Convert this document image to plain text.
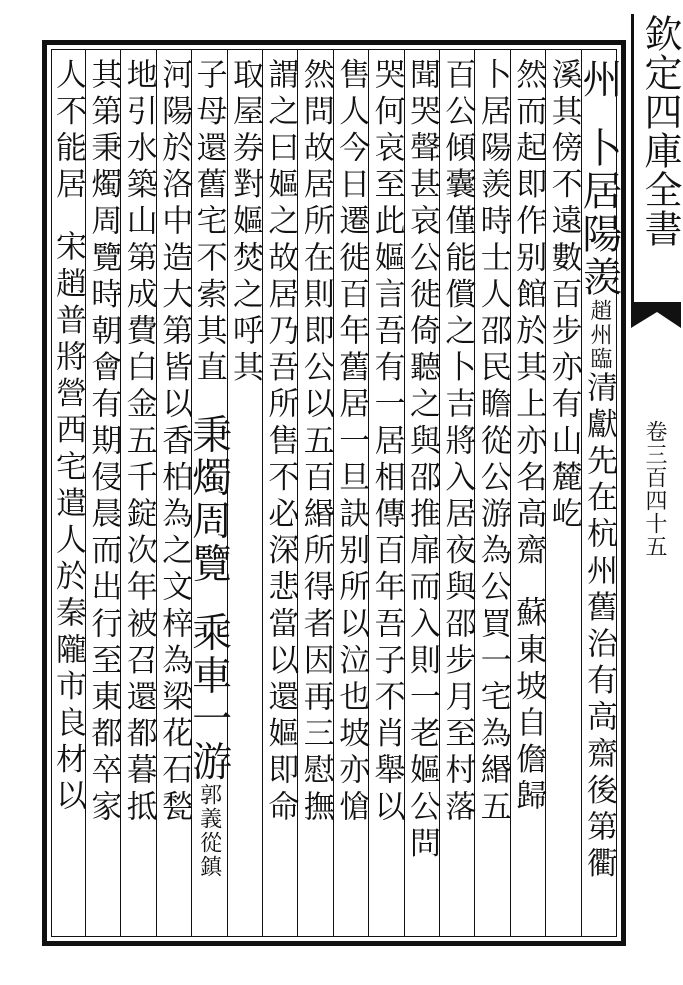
欽定四庫全書
卷三百四十五
州卜居陽羨趙州臨清獻先在杭州舊治有高齋後第衢
溪其傍不遠數百步亦有山麓屹
然而起即作别館於其上亦名高齋蘇東坡自儋歸
卜居陽羨時士人邵民瞻從公游為公買一宅為緡五
百公傾囊僅能償之卜吉將入居夜與邵步月至村落
聞哭聲甚哀公徙倚聽之與邵推扉而入則一老嫗公問
哭何哀至此嫗言吾有一居相傳百年吾子不肖舉以
售人今日遷徙百年舊居一旦訣别所以泣也坡亦愴
然問故居所在則即公以五百緡所得者因再三慰撫
謂之曰嫗之故居乃吾所售不必深悲當以還嫗即命
取屋券對嫗焚之呼其
子母還舊宅不索其直秉燭周覽乘車一游郭義從鎮
河陽於洛中造大第皆以香柏為之文梓為梁花石甃
地引水築山第成費白金五千錠次年被召還都暮抵
其第秉燭周覽時朝會有期侵晨而出行至東都卒家
人不能居宋趙普將營西宅遣人於秦隴市良材以
